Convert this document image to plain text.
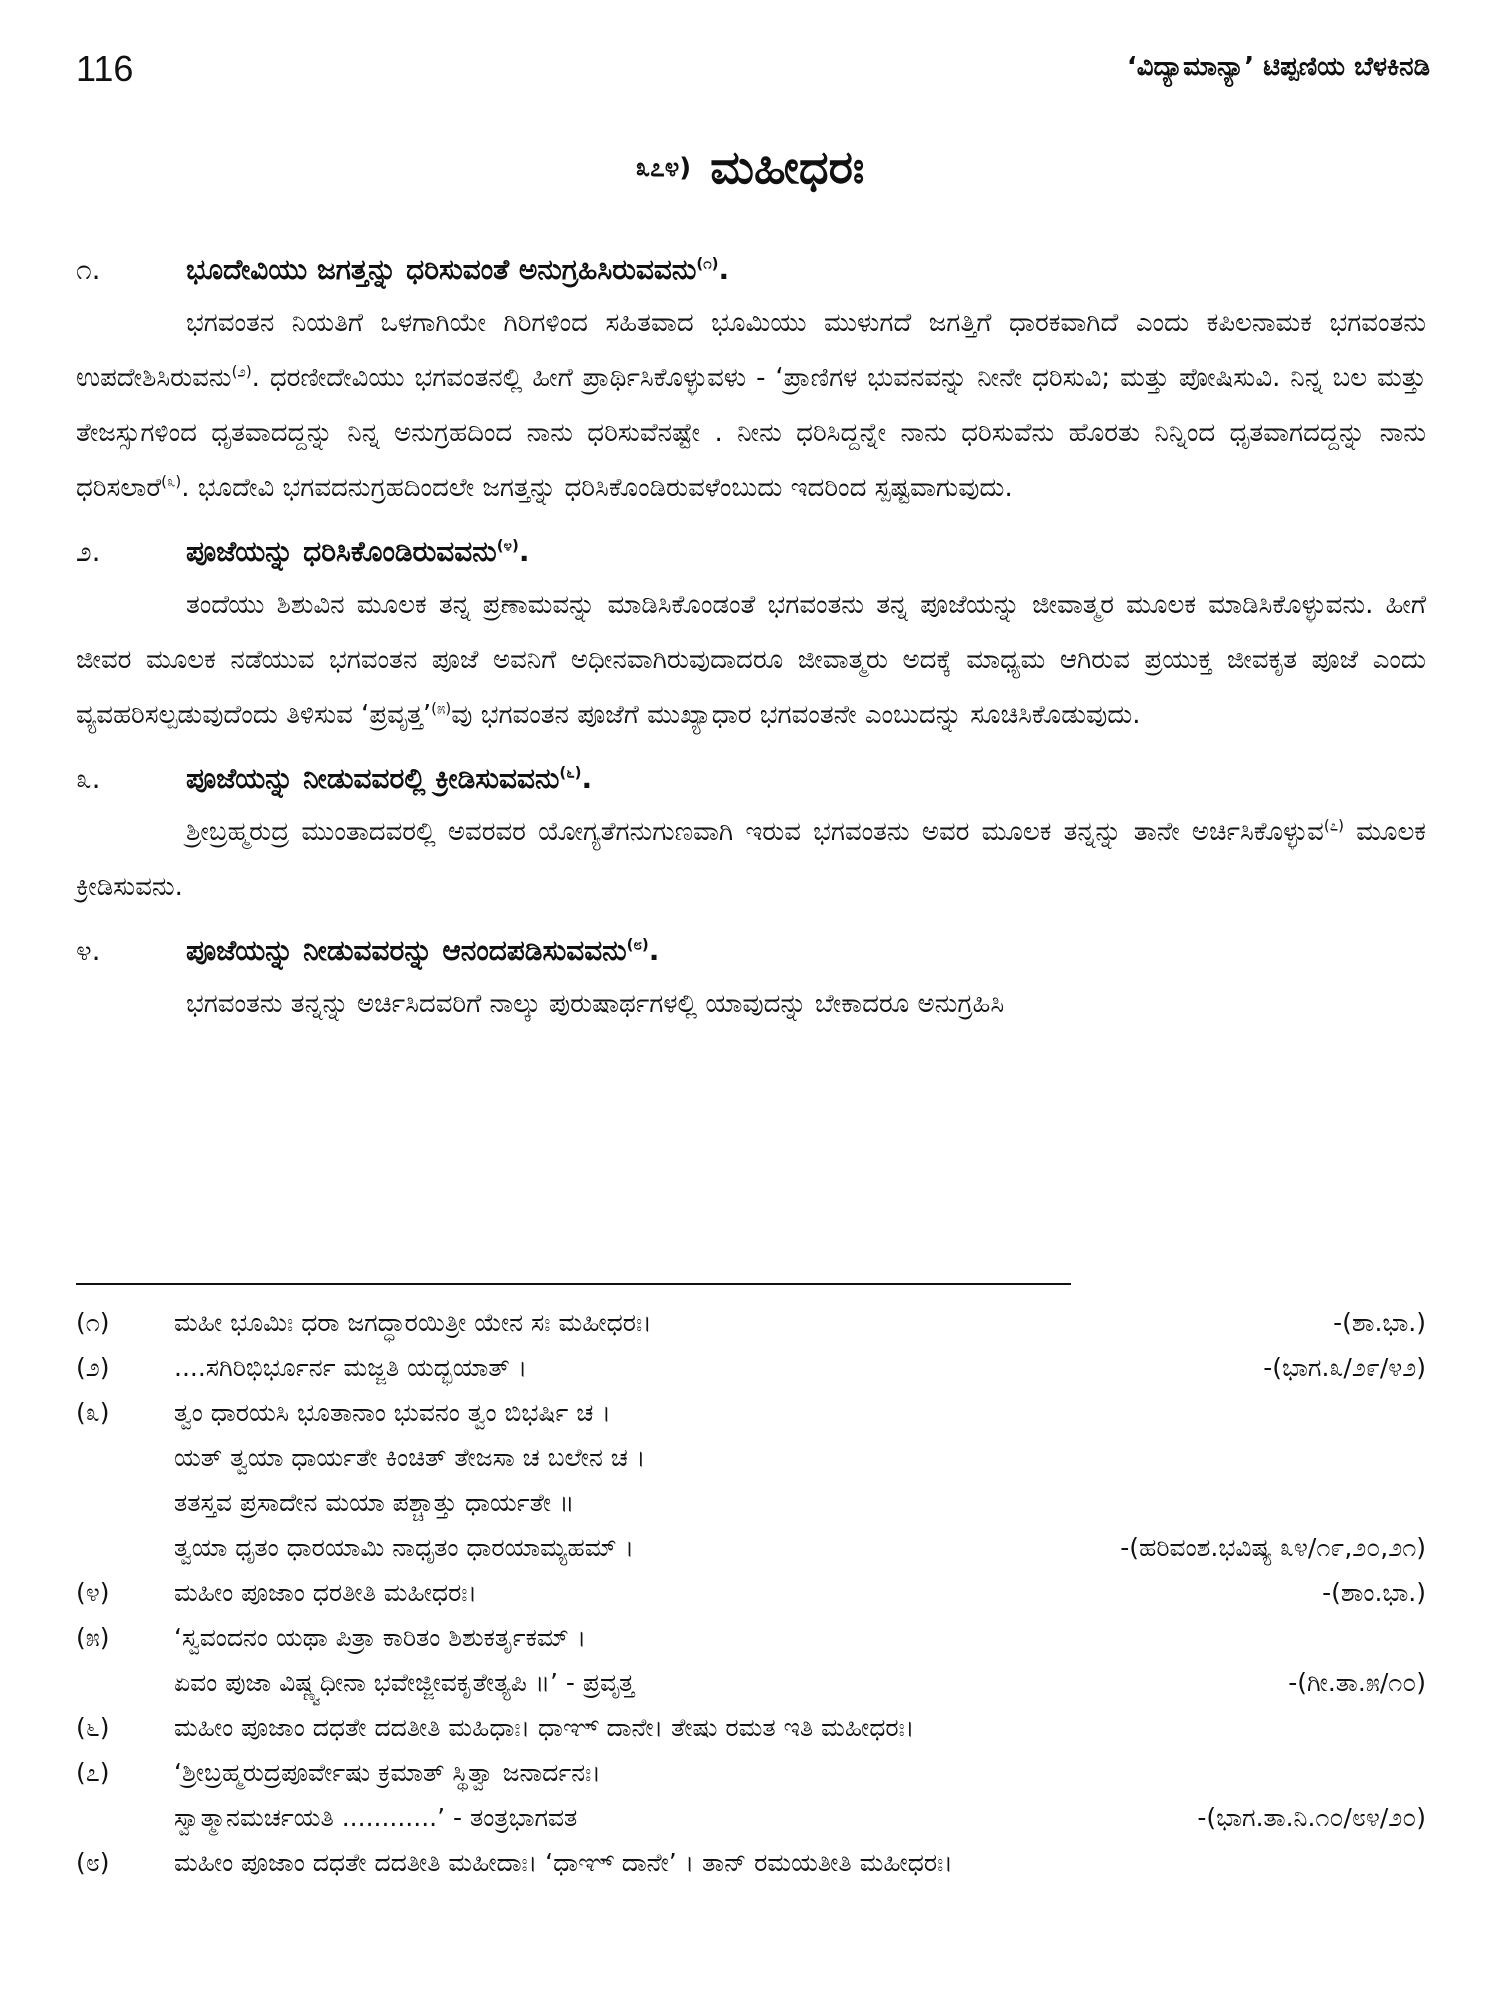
116	‘ವಿದ್ಯಾಮಾನ್ಯಾ’ ಟಿಪ್ಪಣಿಯ ಬೆಳಕಿನಡಿ
೩೭೪) ಮಹೀಧರಃ
೧.	ಭೂದೇವಿಯು ಜಗತ್ತನ್ನು ಧರಿಸುವಂತೆ ಅನುಗ್ರಹಿಸಿರುವವನು$^{(೧)}$.

ಭಗವಂತನ ನಿಯತಿಗೆ ಒಳಗಾಗಿಯೇ ಗಿರಿಗಳಿಂದ ಸಹಿತವಾದ ಭೂಮಿಯು ಮುಳುಗದೆ ಜಗತ್ತಿಗೆ ಧಾರಕವಾಗಿದೆ ಎಂದು ಕಪಿಲನಾಮಕ ಭಗವಂತನು ಉಪದೇಶಿಸಿರುವನು$^{(೨)}$. ಧರಣೀದೇವಿಯು ಭಗವಂತನಲ್ಲಿ ಹೀಗೆ ಪ್ರಾರ್ಥಿಸಿಕೊಳ್ಳುವಳು - ‘ಪ್ರಾಣಿಗಳ ಭುವನವನ್ನು ನೀನೇ ಧರಿಸುವಿ; ಮತ್ತು ಪೋಷಿಸುವಿ. ನಿನ್ನ ಬಲ ಮತ್ತು ತೇಜಸ್ಸುಗಳಿಂದ ಧೃತವಾದದ್ದನ್ನು ನಿನ್ನ ಅನುಗ್ರಹದಿಂದ ನಾನು ಧರಿಸುವೆನಷ್ಟೇ . ನೀನು ಧರಿಸಿದ್ದನ್ನೇ ನಾನು ಧರಿಸುವೆನು ಹೊರತು ನಿನ್ನಿಂದ ಧೃತವಾಗದದ್ದನ್ನು ನಾನು ಧರಿಸಲಾರೆ$^{(೩)}$. ಭೂದೇವಿ ಭಗವದನುಗ್ರಹದಿಂದಲೇ ಜಗತ್ತನ್ನು ಧರಿಸಿಕೊಂಡಿರುವಳೆಂಬುದು ಇದರಿಂದ ಸ್ಪಷ್ಟವಾಗುವುದು.

೨.	ಪೂಜೆಯನ್ನು ಧರಿಸಿಕೊಂಡಿರುವವನು$^{(೪)}$.

ತಂದೆಯು ಶಿಶುವಿನ ಮೂಲಕ ತನ್ನ ಪ್ರಣಾಮವನ್ನು ಮಾಡಿಸಿಕೊಂಡಂತೆ ಭಗವಂತನು ತನ್ನ ಪೂಜೆಯನ್ನು ಜೀವಾತ್ಮರ ಮೂಲಕ ಮಾಡಿಸಿಕೊಳ್ಳುವನು. ಹೀಗೆ ಜೀವರ ಮೂಲಕ ನಡೆಯುವ ಭಗವಂತನ ಪೂಜೆ ಅವನಿಗೆ ಅಧೀನವಾಗಿರುವುದಾದರೂ ಜೀವಾತ್ಮರು ಅದಕ್ಕೆ ಮಾಧ್ಯಮ ಆಗಿರುವ ಪ್ರಯುಕ್ತ ಜೀವಕೃತ ಪೂಜೆ ಎಂದು ವ್ಯವಹರಿಸಲ್ಪಡುವುದೆಂದು ತಿಳಿಸುವ ‘ಪ್ರವೃತ್ತ’$^{(೫)}$ವು ಭಗವಂತನ ಪೂಜೆಗೆ ಮುಖ್ಯಾಧಾರ ಭಗವಂತನೇ ಎಂಬುದನ್ನು ಸೂಚಿಸಿಕೊಡುವುದು.

೩.	ಪೂಜೆಯನ್ನು ನೀಡುವವರಲ್ಲಿ ಕ್ರೀಡಿಸುವವನು$^{(೬)}$.

ಶ್ರೀಬ್ರಹ್ಮರುದ್ರ ಮುಂತಾದವರಲ್ಲಿ ಅವರವರ ಯೋಗ್ಯತೆಗನುಗುಣವಾಗಿ ಇರುವ ಭಗವಂತನು ಅವರ ಮೂಲಕ ತನ್ನನ್ನು ತಾನೇ ಅರ್ಚಿಸಿಕೊಳ್ಳುವ$^{(೭)}$ ಮೂಲಕ ಕ್ರೀಡಿಸುವನು.

೪.	ಪೂಜೆಯನ್ನು ನೀಡುವವರನ್ನು ಆನಂದಪಡಿಸುವವನು$^{(೮)}$.

ಭಗವಂತನು ತನ್ನನ್ನು ಅರ್ಚಿಸಿದವರಿಗೆ ನಾಲ್ಕು ಪುರುಷಾರ್ಥಗಳಲ್ಲಿ ಯಾವುದನ್ನು ಬೇಕಾದರೂ ಅನುಗ್ರಹಿಸಿ

(೧)	ಮಹೀ ಭೂಮಿಃ ಧರಾ ಜಗದ್ಧಾರಯಿತ್ರೀ ಯೇನ ಸಃ ಮಹೀಧರಃ।	-(ಶಾ.ಭಾ.)
(೨)	....ಸಗಿರಿಭಿರ್ಭೂರ್ನ ಮಜ್ಜತಿ ಯದ್ಭಯಾತ್ ।	-(ಭಾಗ.೩/೨೯/೪೨)
(೩)	ತ್ವಂ ಧಾರಯಸಿ ಭೂತಾನಾಂ ಭುವನಂ ತ್ವಂ ಬಿಭರ್ಷಿ ಚ ।
ಯತ್ ತ್ವಯಾ ಧಾರ್ಯತೇ ಕಿಂಚಿತ್ ತೇಜಸಾ ಚ ಬಲೇನ ಚ ।
ತತಸ್ತವ ಪ್ರಸಾದೇನ ಮಯಾ ಪಶ್ಚಾತ್ತು ಧಾರ್ಯತೇ ॥
ತ್ವಯಾ ಧೃತಂ ಧಾರಯಾಮಿ ನಾಧೃತಂ ಧಾರಯಾಮ್ಯಹಮ್ ।	-(ಹರಿವಂಶ.ಭವಿಷ್ಯ ೩೪/೧೯,೨೦,೨೧)
(೪)	ಮಹೀಂ ಪೂಜಾಂ ಧರತೀತಿ ಮಹೀಧರಃ।	-(ಶಾಂ.ಭಾ.)
(೫)	‘ಸ್ವವಂದನಂ ಯಥಾ ಪಿತ್ರಾ ಕಾರಿತಂ ಶಿಶುಕರ್ತೃಕಮ್ ।
ಏವಂ ಪುಜಾ ವಿಷ್ಣ್ವಧೀನಾ ಭವೇಜ್ಜೀವಕೃತೇತ್ಯಪಿ ॥’ - ಪ್ರವೃತ್ತ	-(ಗೀ.ತಾ.೫/೧೦)
(೬)	ಮಹೀಂ ಪೂಜಾಂ ದಧತೇ ದದತೀತಿ ಮಹಿಧಾಃ। ಧಾಞ್ ದಾನೇ। ತೇಷು ರಮತ ಇತಿ ಮಹೀಧರಃ।
(೭)	‘ಶ್ರೀಬ್ರಹ್ಮರುದ್ರಪೂರ್ವೇಷು ಕ್ರಮಾತ್ ಸ್ಥಿತ್ವಾ ಜನಾರ್ದನಃ।
ಸ್ವಾತ್ಮಾನಮರ್ಚಯತಿ ............’ - ತಂತ್ರಭಾಗವತ	-(ಭಾಗ.ತಾ.ನಿ.೧೦/೮೪/೨೦)
(೮)	ಮಹೀಂ ಪೂಜಾಂ ದಧತೇ ದದತೀತಿ ಮಹೀದಾಃ। ‘ಧಾಞ್ ದಾನೇ’ । ತಾನ್ ರಮಯತೀತಿ ಮಹೀಧರಃ।
